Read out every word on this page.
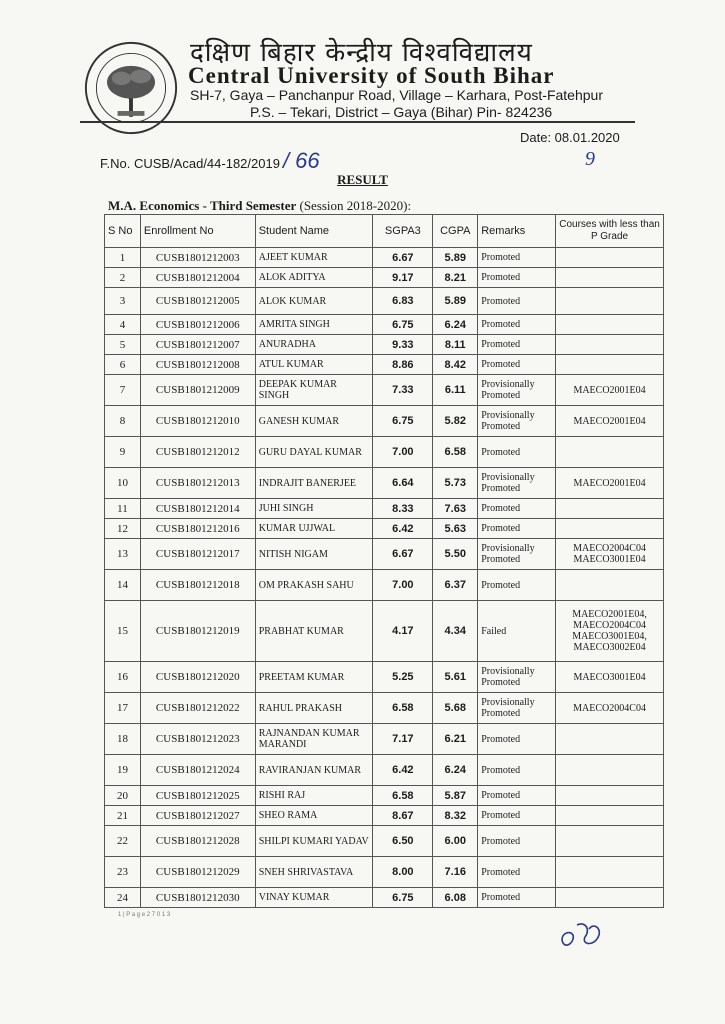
दक्षिण बिहार केन्द्रीय विश्वविद्यालय
Central University of South Bihar
SH-7, Gaya – Panchanpur Road, Village – Karhara, Post-Fatehpur
P.S. – Tekari, District – Gaya (Bihar) Pin- 824236
F.No. CUSB/Acad/44-182/2019 / 66
Date: 08.01.2020
9
RESULT
M.A. Economics - Third Semester (Session 2018-2020):
S No	Enrollment No	Student Name	SGPA3	CGPA	Remarks	Courses with less than P Grade
1	CUSB1801212003	AJEET KUMAR	6.67	5.89	Promoted	
2	CUSB1801212004	ALOK ADITYA	9.17	8.21	Promoted	
3	CUSB1801212005	ALOK KUMAR	6.83	5.89	Promoted	
4	CUSB1801212006	AMRITA SINGH	6.75	6.24	Promoted	
5	CUSB1801212007	ANURADHA	9.33	8.11	Promoted	
6	CUSB1801212008	ATUL KUMAR	8.86	8.42	Promoted	
7	CUSB1801212009	DEEPAK KUMAR SINGH	7.33	6.11	Provisionally Promoted	MAECO2001E04
8	CUSB1801212010	GANESH KUMAR	6.75	5.82	Provisionally Promoted	MAECO2001E04
9	CUSB1801212012	GURU DAYAL KUMAR	7.00	6.58	Promoted	
10	CUSB1801212013	INDRAJIT BANERJEE	6.64	5.73	Provisionally Promoted	MAECO2001E04
11	CUSB1801212014	JUHI SINGH	8.33	7.63	Promoted	
12	CUSB1801212016	KUMAR UJJWAL	6.42	5.63	Promoted	
13	CUSB1801212017	NITISH NIGAM	6.67	5.50	Provisionally Promoted	MAECO2004C04 MAECO3001E04
14	CUSB1801212018	OM PRAKASH SAHU	7.00	6.37	Promoted	
15	CUSB1801212019	PRABHAT KUMAR	4.17	4.34	Failed	MAECO2001E04, MAECO2004C04 MAECO3001E04, MAECO3002E04
16	CUSB1801212020	PREETAM KUMAR	5.25	5.61	Provisionally Promoted	MAECO3001E04
17	CUSB1801212022	RAHUL PRAKASH	6.58	5.68	Provisionally Promoted	MAECO2004C04
18	CUSB1801212023	RAJNANDAN KUMAR MARANDI	7.17	6.21	Promoted	
19	CUSB1801212024	RAVIRANJAN KUMAR	6.42	6.24	Promoted	
20	CUSB1801212025	RISHI RAJ	6.58	5.87	Promoted	
21	CUSB1801212027	SHEO RAMA	8.67	8.32	Promoted	
22	CUSB1801212028	SHILPI KUMARI YADAV	6.50	6.00	Promoted	
23	CUSB1801212029	SNEH SHRIVASTAVA	8.00	7.16	Promoted	
24	CUSB1801212030	VINAY KUMAR	6.75	6.08	Promoted	
1 | P a g e 2 7 0 1 3
